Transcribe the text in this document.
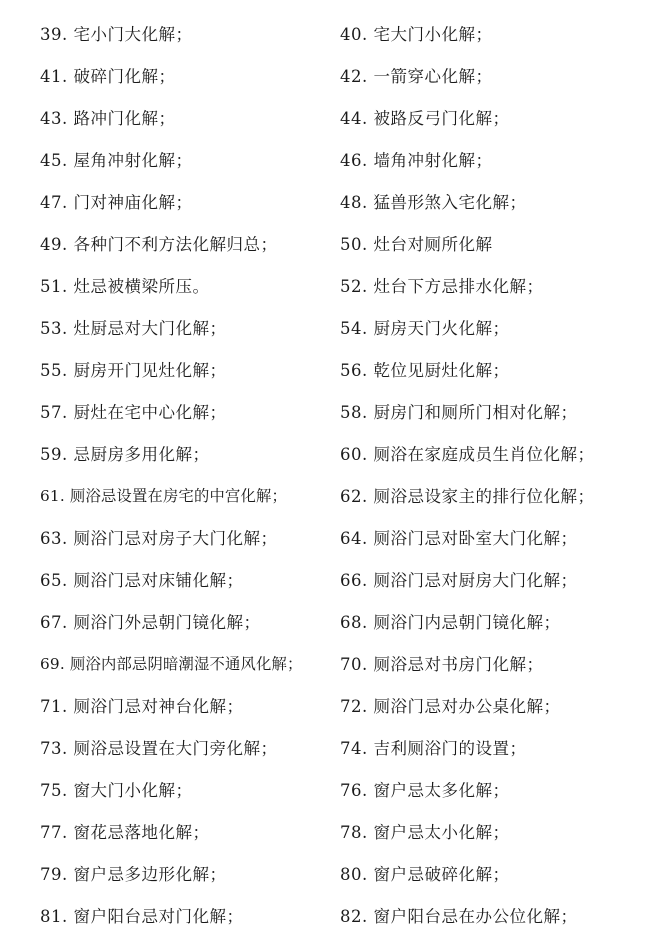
39. 宅小门大化解；	40. 宅大门小化解；
41. 破碎门化解；	42. 一箭穿心化解；
43. 路冲门化解；	44. 被路反弓门化解；
45. 屋角冲射化解；	46. 墙角冲射化解；
47. 门对神庙化解；	48. 猛兽形煞入宅化解；
49. 各种门不利方法化解归总；	50. 灶台对厕所化解
51. 灶忌被横梁所压。	52. 灶台下方忌排水化解；
53. 灶厨忌对大门化解；	54. 厨房天门火化解；
55. 厨房开门见灶化解；	56. 乾位见厨灶化解；
57. 厨灶在宅中心化解；	58. 厨房门和厕所门相对化解；
59. 忌厨房多用化解；	60. 厕浴在家庭成员生肖位化解；
61. 厕浴忌设置在房宅的中宫化解；	62. 厕浴忌设家主的排行位化解；
63. 厕浴门忌对房子大门化解；	64. 厕浴门忌对卧室大门化解；
65. 厕浴门忌对床铺化解；	66. 厕浴门忌对厨房大门化解；
67. 厕浴门外忌朝门镜化解；	68. 厕浴门内忌朝门镜化解；
69. 厕浴内部忌阴暗潮湿不通风化解；	70. 厕浴忌对书房门化解；
71. 厕浴门忌对神台化解；	72. 厕浴门忌对办公桌化解；
73. 厕浴忌设置在大门旁化解；	74. 吉利厕浴门的设置；
75. 窗大门小化解；	76. 窗户忌太多化解；
77. 窗花忌落地化解；	78. 窗户忌太小化解；
79. 窗户忌多边形化解；	80. 窗户忌破碎化解；
81. 窗户阳台忌对门化解；	82. 窗户阳台忌在办公位化解；
